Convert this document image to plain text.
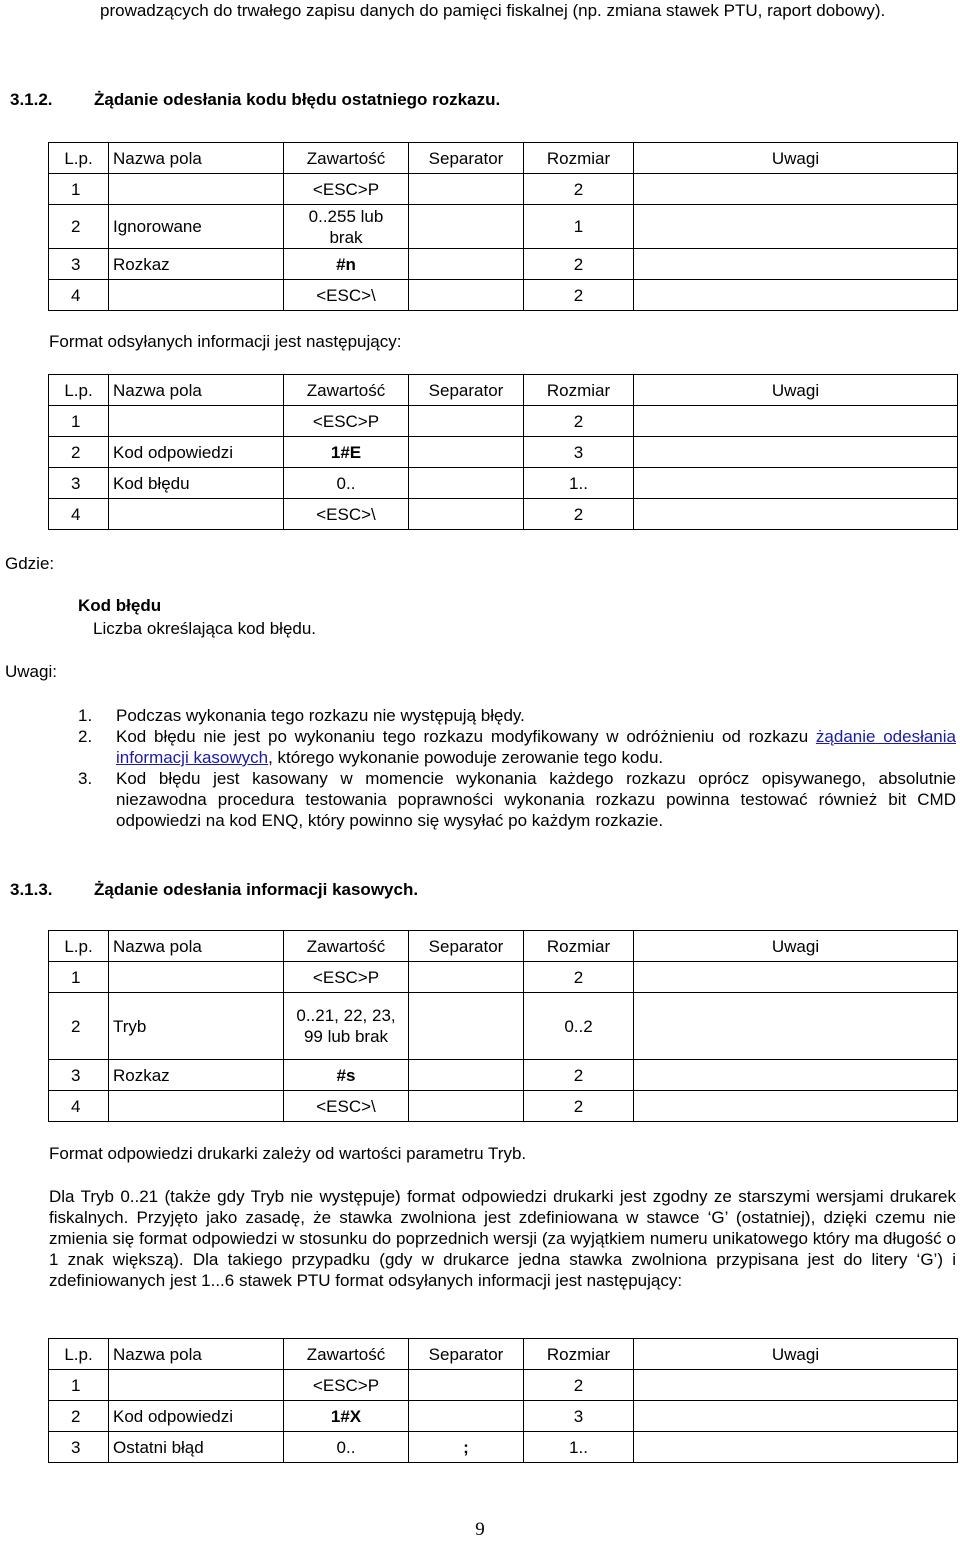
prowadzących do trwałego zapisu danych do pamięci fiskalnej (np. zmiana stawek PTU, raport dobowy).

3.1.2. Żądanie odesłania kodu błędu ostatniego rozkazu.
L.p.	Nazwa pola	Zawartość	Separator	Rozmiar	Uwagi
1		<ESC>P		2	
2	Ignorowane	0..255 lub brak		1	
3	Rozkaz	#n		2	
4		<ESC>\		2	
Format odsyłanych informacji jest następujący:
L.p.	Nazwa pola	Zawartość	Separator	Rozmiar	Uwagi
1		<ESC>P		2	
2	Kod odpowiedzi	1#E		3	
3	Kod błędu	0..		1..	
4		<ESC>\		2	
Gdzie:
Kod błędu
Liczba określająca kod błędu.
Uwagi:
1. Podczas wykonania tego rozkazu nie występują błędy.
2. Kod błędu nie jest po wykonaniu tego rozkazu modyfikowany w odróżnieniu od rozkazu żądanie odesłania informacji kasowych, którego wykonanie powoduje zerowanie tego kodu.
3. Kod błędu jest kasowany w momencie wykonania każdego rozkazu oprócz opisywanego, absolutnie niezawodna procedura testowania poprawności wykonania rozkazu powinna testować również bit CMD odpowiedzi na kod ENQ, który powinno się wysyłać po każdym rozkazie.
3.1.3. Żądanie odesłania informacji kasowych.
L.p.	Nazwa pola	Zawartość	Separator	Rozmiar	Uwagi
1		<ESC>P		2	
2	Tryb	0..21, 22, 23, 99 lub brak		0..2	
3	Rozkaz	#s		2	
4		<ESC>\		2	
Format odpowiedzi drukarki zależy od wartości parametru Tryb.

Dla Tryb 0..21 (także gdy Tryb nie występuje) format odpowiedzi drukarki jest zgodny ze starszymi wersjami drukarek fiskalnych. Przyjęto jako zasadę, że stawka zwolniona jest zdefiniowana w stawce ‘G’ (ostatniej), dzięki czemu nie zmienia się format odpowiedzi w stosunku do poprzednich wersji (za wyjątkiem numeru unikatowego który ma długość o 1 znak większą). Dla takiego przypadku (gdy w drukarce jedna stawka zwolniona przypisana jest do litery ‘G’) i zdefiniowanych jest 1...6 stawek PTU format odsyłanych informacji jest następujący:

L.p.	Nazwa pola	Zawartość	Separator	Rozmiar	Uwagi
1		<ESC>P		2	
2	Kod odpowiedzi	1#X		3	
3	Ostatni błąd	0..	;	1..	
9
